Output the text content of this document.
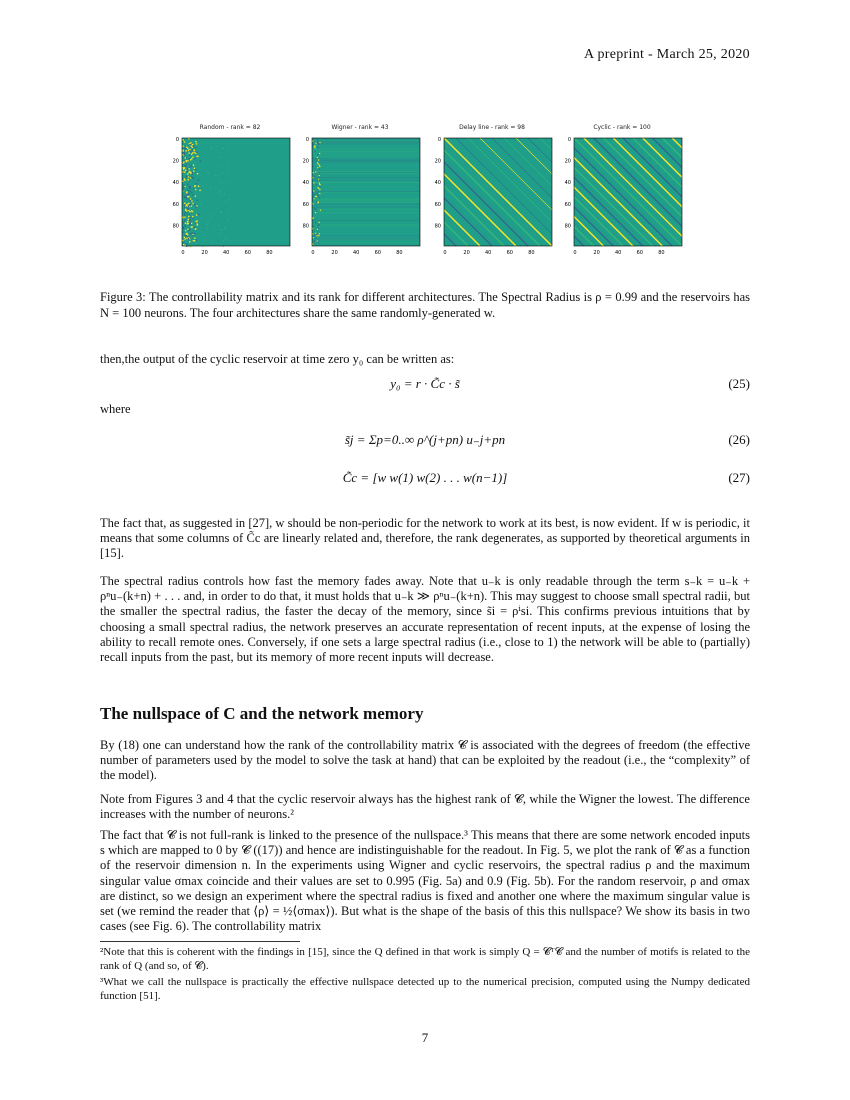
A preprint - March 25, 2020
Random - rank = 82
0
20
40
60
80
0	20	40	60	80
Wigner - rank = 43
0
20
40
60
80
0	20	40	60	80
Delay line - rank = 98
0
20
40
60
80
0	20	40	60	80
Cyclic - rank = 100
0
20
40
60
80
0	20	40	60	80
Figure 3: The controllability matrix and its rank for different architectures. The Spectral Radius is ρ = 0.99 and the reservoirs has N = 100 neurons. The four architectures share the same randomly-generated w.
then,the output of the cyclic reservoir at time zero y₀ can be written as:
y₀ = r · C̃c · s̃	(25)
where
s̃j = Σp=0..∞ ρ^(j+pn) u₋j+pn	(26)
C̃c = [w w(1) w(2) . . . w(n−1)]	(27)
The fact that, as suggested in [27], w should be non-periodic for the network to work at its best, is now evident. If w is periodic, it means that some columns of C̃c are linearly related and, therefore, the rank degenerates, as supported by theoretical arguments in [15].
The spectral radius controls how fast the memory fades away. Note that u₋k is only readable through the term s₋k = u₋k + ρⁿu₋(k+n) + . . . and, in order to do that, it must holds that u₋k ≫ ρⁿu₋(k+n). This may suggest to choose small spectral radii, but the smaller the spectral radius, the faster the decay of the memory, since s̃i = ρⁱsi. This confirms previous intuitions that by choosing a small spectral radius, the network preserves an accurate representation of recent inputs, at the expense of losing the ability to recall remote ones. Conversely, if one sets a large spectral radius (i.e., close to 1) the network will be able to (partially) recall inputs from the past, but its memory of more recent inputs will decrease.
The nullspace of C and the network memory
By (18) one can understand how the rank of the controllability matrix 𝓒 is associated with the degrees of freedom (the effective number of parameters used by the model to solve the task at hand) that can be exploited by the readout (i.e., the “complexity” of the model).
Note from Figures 3 and 4 that the cyclic reservoir always has the highest rank of 𝓒, while the Wigner the lowest. The difference increases with the number of neurons.²
The fact that 𝓒 is not full-rank is linked to the presence of the nullspace.³ This means that there are some network encoded inputs s which are mapped to 0 by 𝓒 ((17)) and hence are indistinguishable for the readout. In Fig. 5, we plot the rank of 𝓒 as a function of the reservoir dimension n. In the experiments using Wigner and cyclic reservoirs, the spectral radius ρ and the maximum singular value σmax coincide and their values are set to 0.995 (Fig. 5a) and 0.9 (Fig. 5b). For the random reservoir, ρ and σmax are distinct, so we design an experiment where the spectral radius is fixed and another one where the maximum singular value is set (we remind the reader that ⟨ρ⟩ = ½⟨σmax⟩). But what is the shape of the basis of this this nullspace? We show its basis in two cases (see Fig. 6). The controllability matrix
²Note that this is coherent with the findings in [15], since the Q defined in that work is simply Q = 𝓒ᵀ𝓒 and the number of motifs is related to the rank of Q (and so, of 𝓒).
³What we call the nullspace is practically the effective nullspace detected up to the numerical precision, computed using the Numpy dedicated function [51].
7
